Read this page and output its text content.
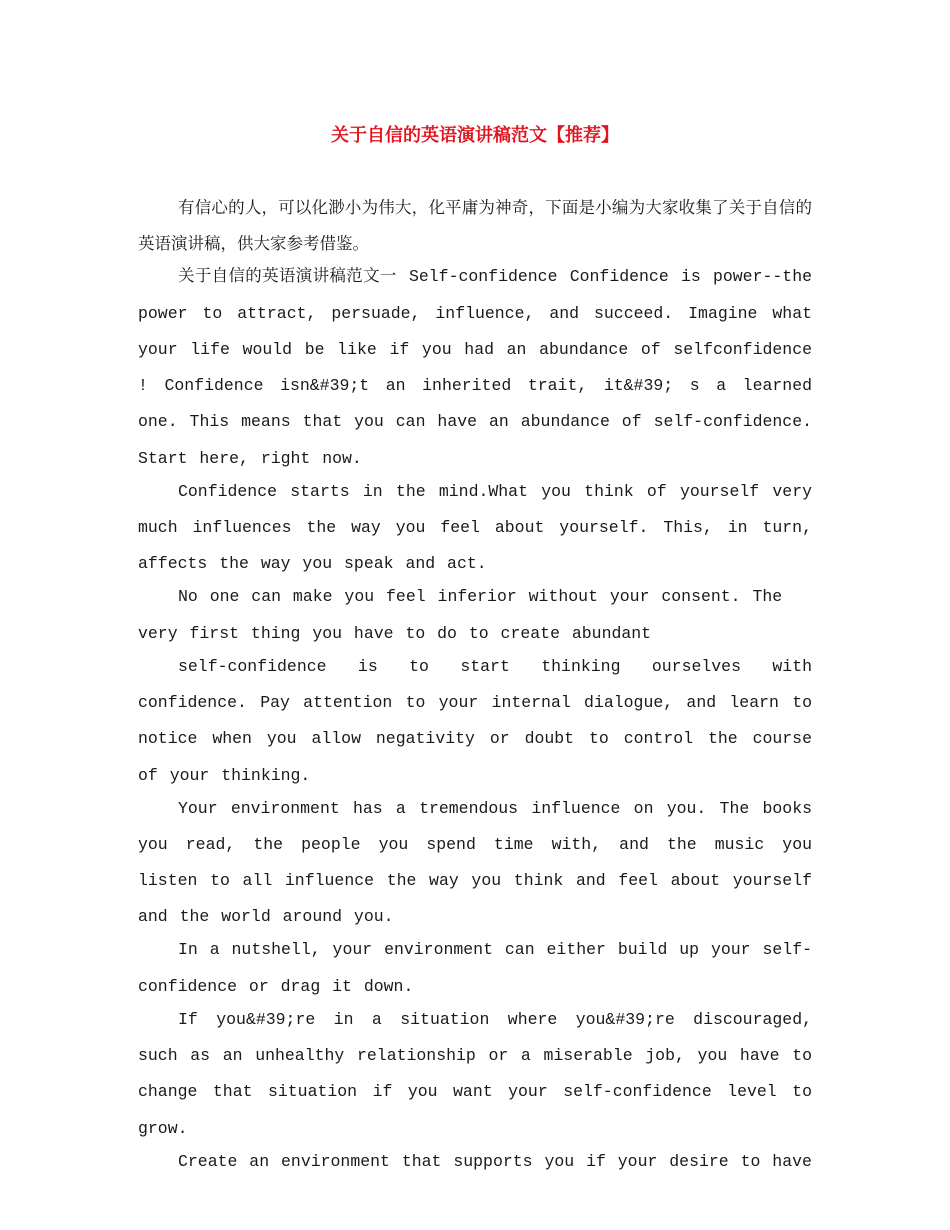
关于自信的英语演讲稿范文【推荐】

有信心的人，可以化渺小为伟大，化平庸为神奇，下面是小编为大家收集了关于自信的英语演讲稿，供大家参考借鉴。

关于自信的英语演讲稿范文一 Self-confidence Confidence is power--the power to attract, persuade, influence, and succeed. Imagine what your life would be like if you had an abundance of selfconfidence ! Confidence isn&#39;t an inherited trait, it&#39; s a learned one. This means that you can have an abundance of self-confidence. Start here, right now.

Confidence starts in the mind.What you think of yourself very much influences the way you feel about yourself. This, in turn, affects the way you speak and act.

No one can make you feel inferior without your consent. The very first thing you have to do to create abundant

self-confidence is to start thinking ourselves with confidence. Pay attention to your internal dialogue, and learn to notice when you allow negativity or doubt to control the course of your thinking.

Your environment has a tremendous influence on you. The books you read, the people you spend time with, and the music you listen to all influence the way you think and feel about yourself and the world around you.

In a nutshell, your environment can either build up your self-confidence or drag it down.

If you&#39;re in a situation where you&#39;re discouraged, such as an unhealthy relationship or a miserable job, you have to change that situation if you want your self-confidence level to grow.

Create an environment that supports you if your desire to have
